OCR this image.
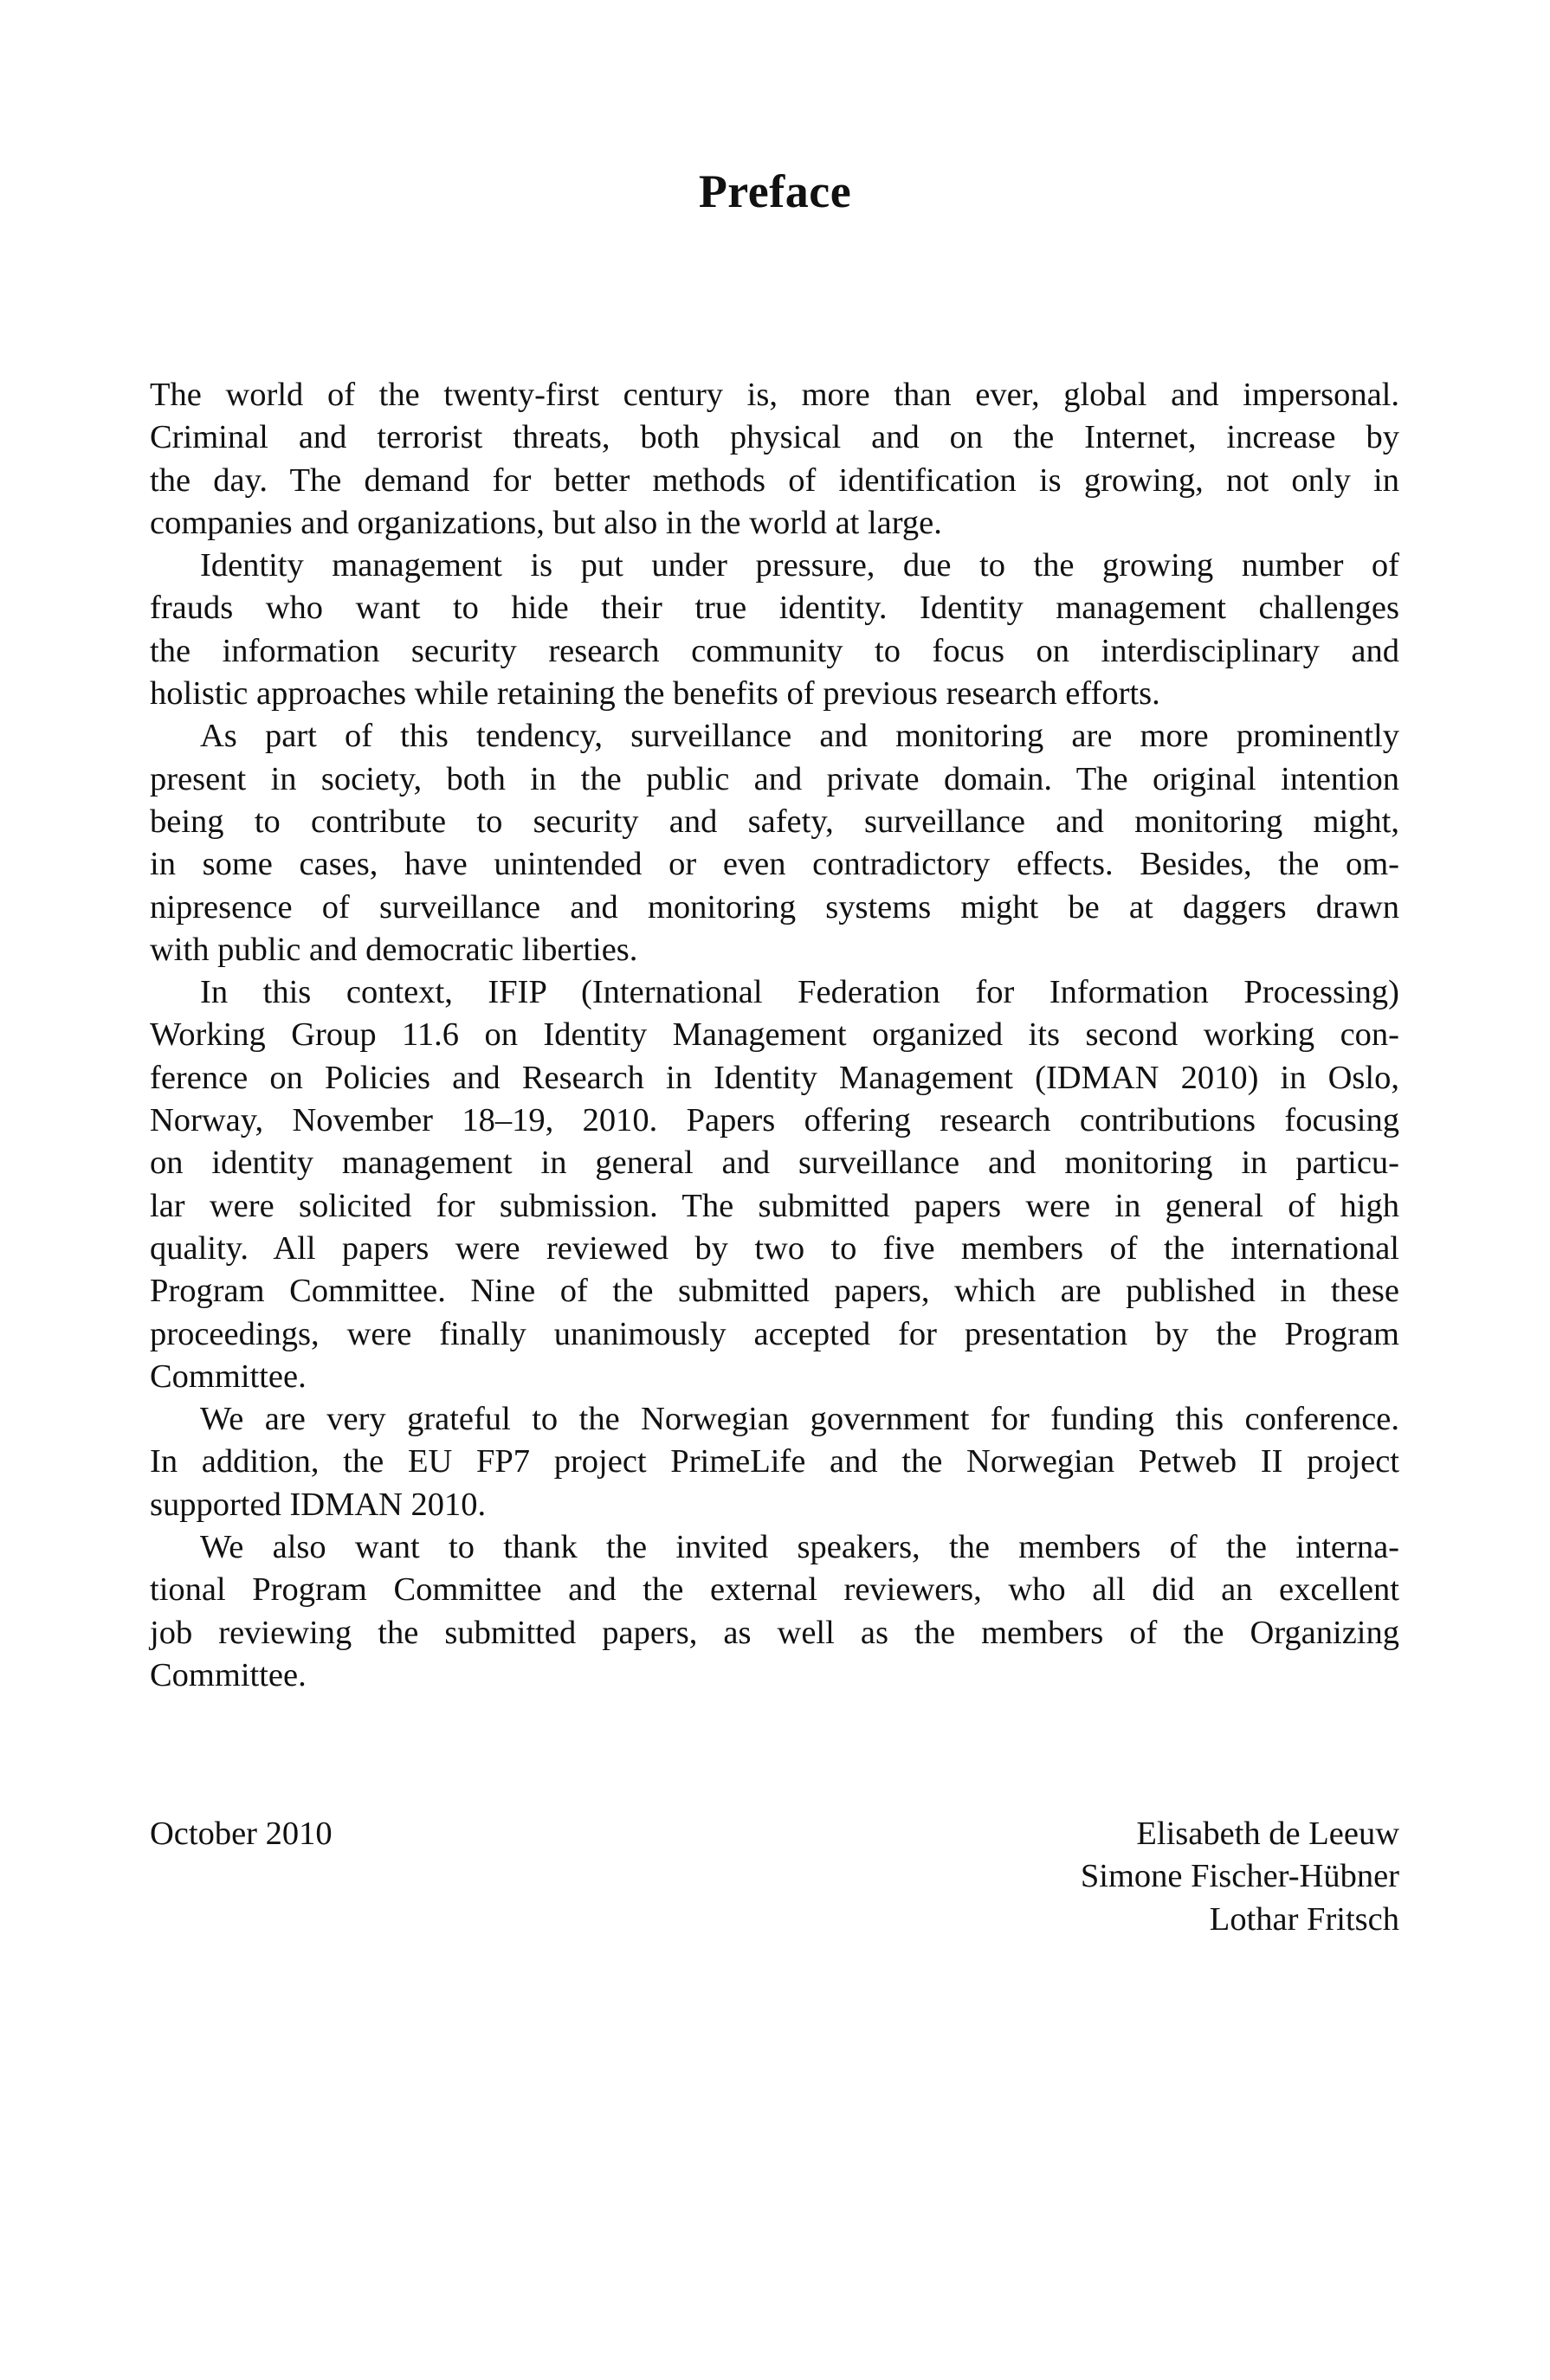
Preface

The world of the twenty-first century is, more than ever, global and impersonal.
Criminal and terrorist threats, both physical and on the Internet, increase by
the day. The demand for better methods of identification is growing, not only in
companies and organizations, but also in the world at large.

Identity management is put under pressure, due to the growing number of
frauds who want to hide their true identity. Identity management challenges
the information security research community to focus on interdisciplinary and
holistic approaches while retaining the benefits of previous research efforts.

As part of this tendency, surveillance and monitoring are more prominently
present in society, both in the public and private domain. The original intention
being to contribute to security and safety, surveillance and monitoring might,
in some cases, have unintended or even contradictory effects. Besides, the om-
nipresence of surveillance and monitoring systems might be at daggers drawn
with public and democratic liberties.

In this context, IFIP (International Federation for Information Processing)
Working Group 11.6 on Identity Management organized its second working con-
ference on Policies and Research in Identity Management (IDMAN 2010) in Oslo,
Norway, November 18–19, 2010. Papers offering research contributions focusing
on identity management in general and surveillance and monitoring in particu-
lar were solicited for submission. The submitted papers were in general of high
quality. All papers were reviewed by two to five members of the international
Program Committee. Nine of the submitted papers, which are published in these
proceedings, were finally unanimously accepted for presentation by the Program
Committee.

We are very grateful to the Norwegian government for funding this conference.
In addition, the EU FP7 project PrimeLife and the Norwegian Petweb II project
supported IDMAN 2010.

We also want to thank the invited speakers, the members of the interna-
tional Program Committee and the external reviewers, who all did an excellent
job reviewing the submitted papers, as well as the members of the Organizing
Committee.

October 2010	Elisabeth de Leeuw
Simone Fischer-Hübner
Lothar Fritsch
